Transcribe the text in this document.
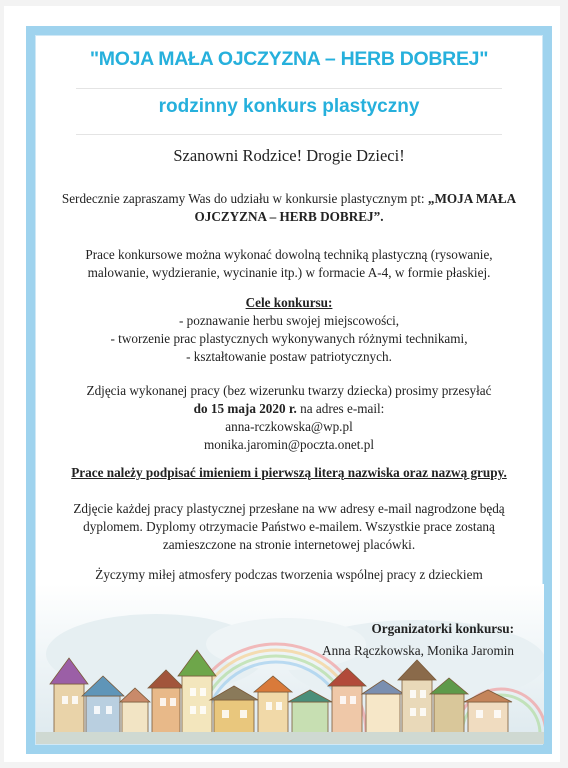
"MOJA MAŁA OJCZYZNA – HERB DOBREJ"
rodzinny konkurs plastyczny
Szanowni Rodzice! Drogie Dzieci!
Serdecznie zapraszamy Was do udziału w konkursie plastycznym pt: „MOJA MAŁA
OJCZYZNA – HERB DOBREJ”.
Prace konkursowe można wykonać dowolną techniką plastyczną (rysowanie,
malowanie, wydzieranie, wycinanie itp.) w formacie A-4, w formie płaskiej.
Cele konkursu:
- poznawanie herbu swojej miejscowości,
- tworzenie prac plastycznych wykonywanych różnymi technikami,
- kształtowanie postaw patriotycznych.
Zdjęcia wykonanej pracy (bez wizerunku twarzy dziecka) prosimy przesyłać
do 15 maja 2020 r. na adres e-mail:
anna-rczkowska@wp.pl
monika.jaromin@poczta.onet.pl
Prace należy podpisać imieniem i pierwszą literą nazwiska oraz nazwą grupy.
Zdjęcie każdej pracy plastycznej przesłane na ww adresy e-mail nagrodzone będą
dyplomem. Dyplomy otrzymacie Państwo e-mailem. Wszystkie prace zostaną
zamieszczone na stronie internetowej placówki.
Życzymy miłej atmosfery podczas tworzenia wspólnej pracy z dzieckiem
Organizatorki konkursu:
Anna Rączkowska, Monika Jaromin
